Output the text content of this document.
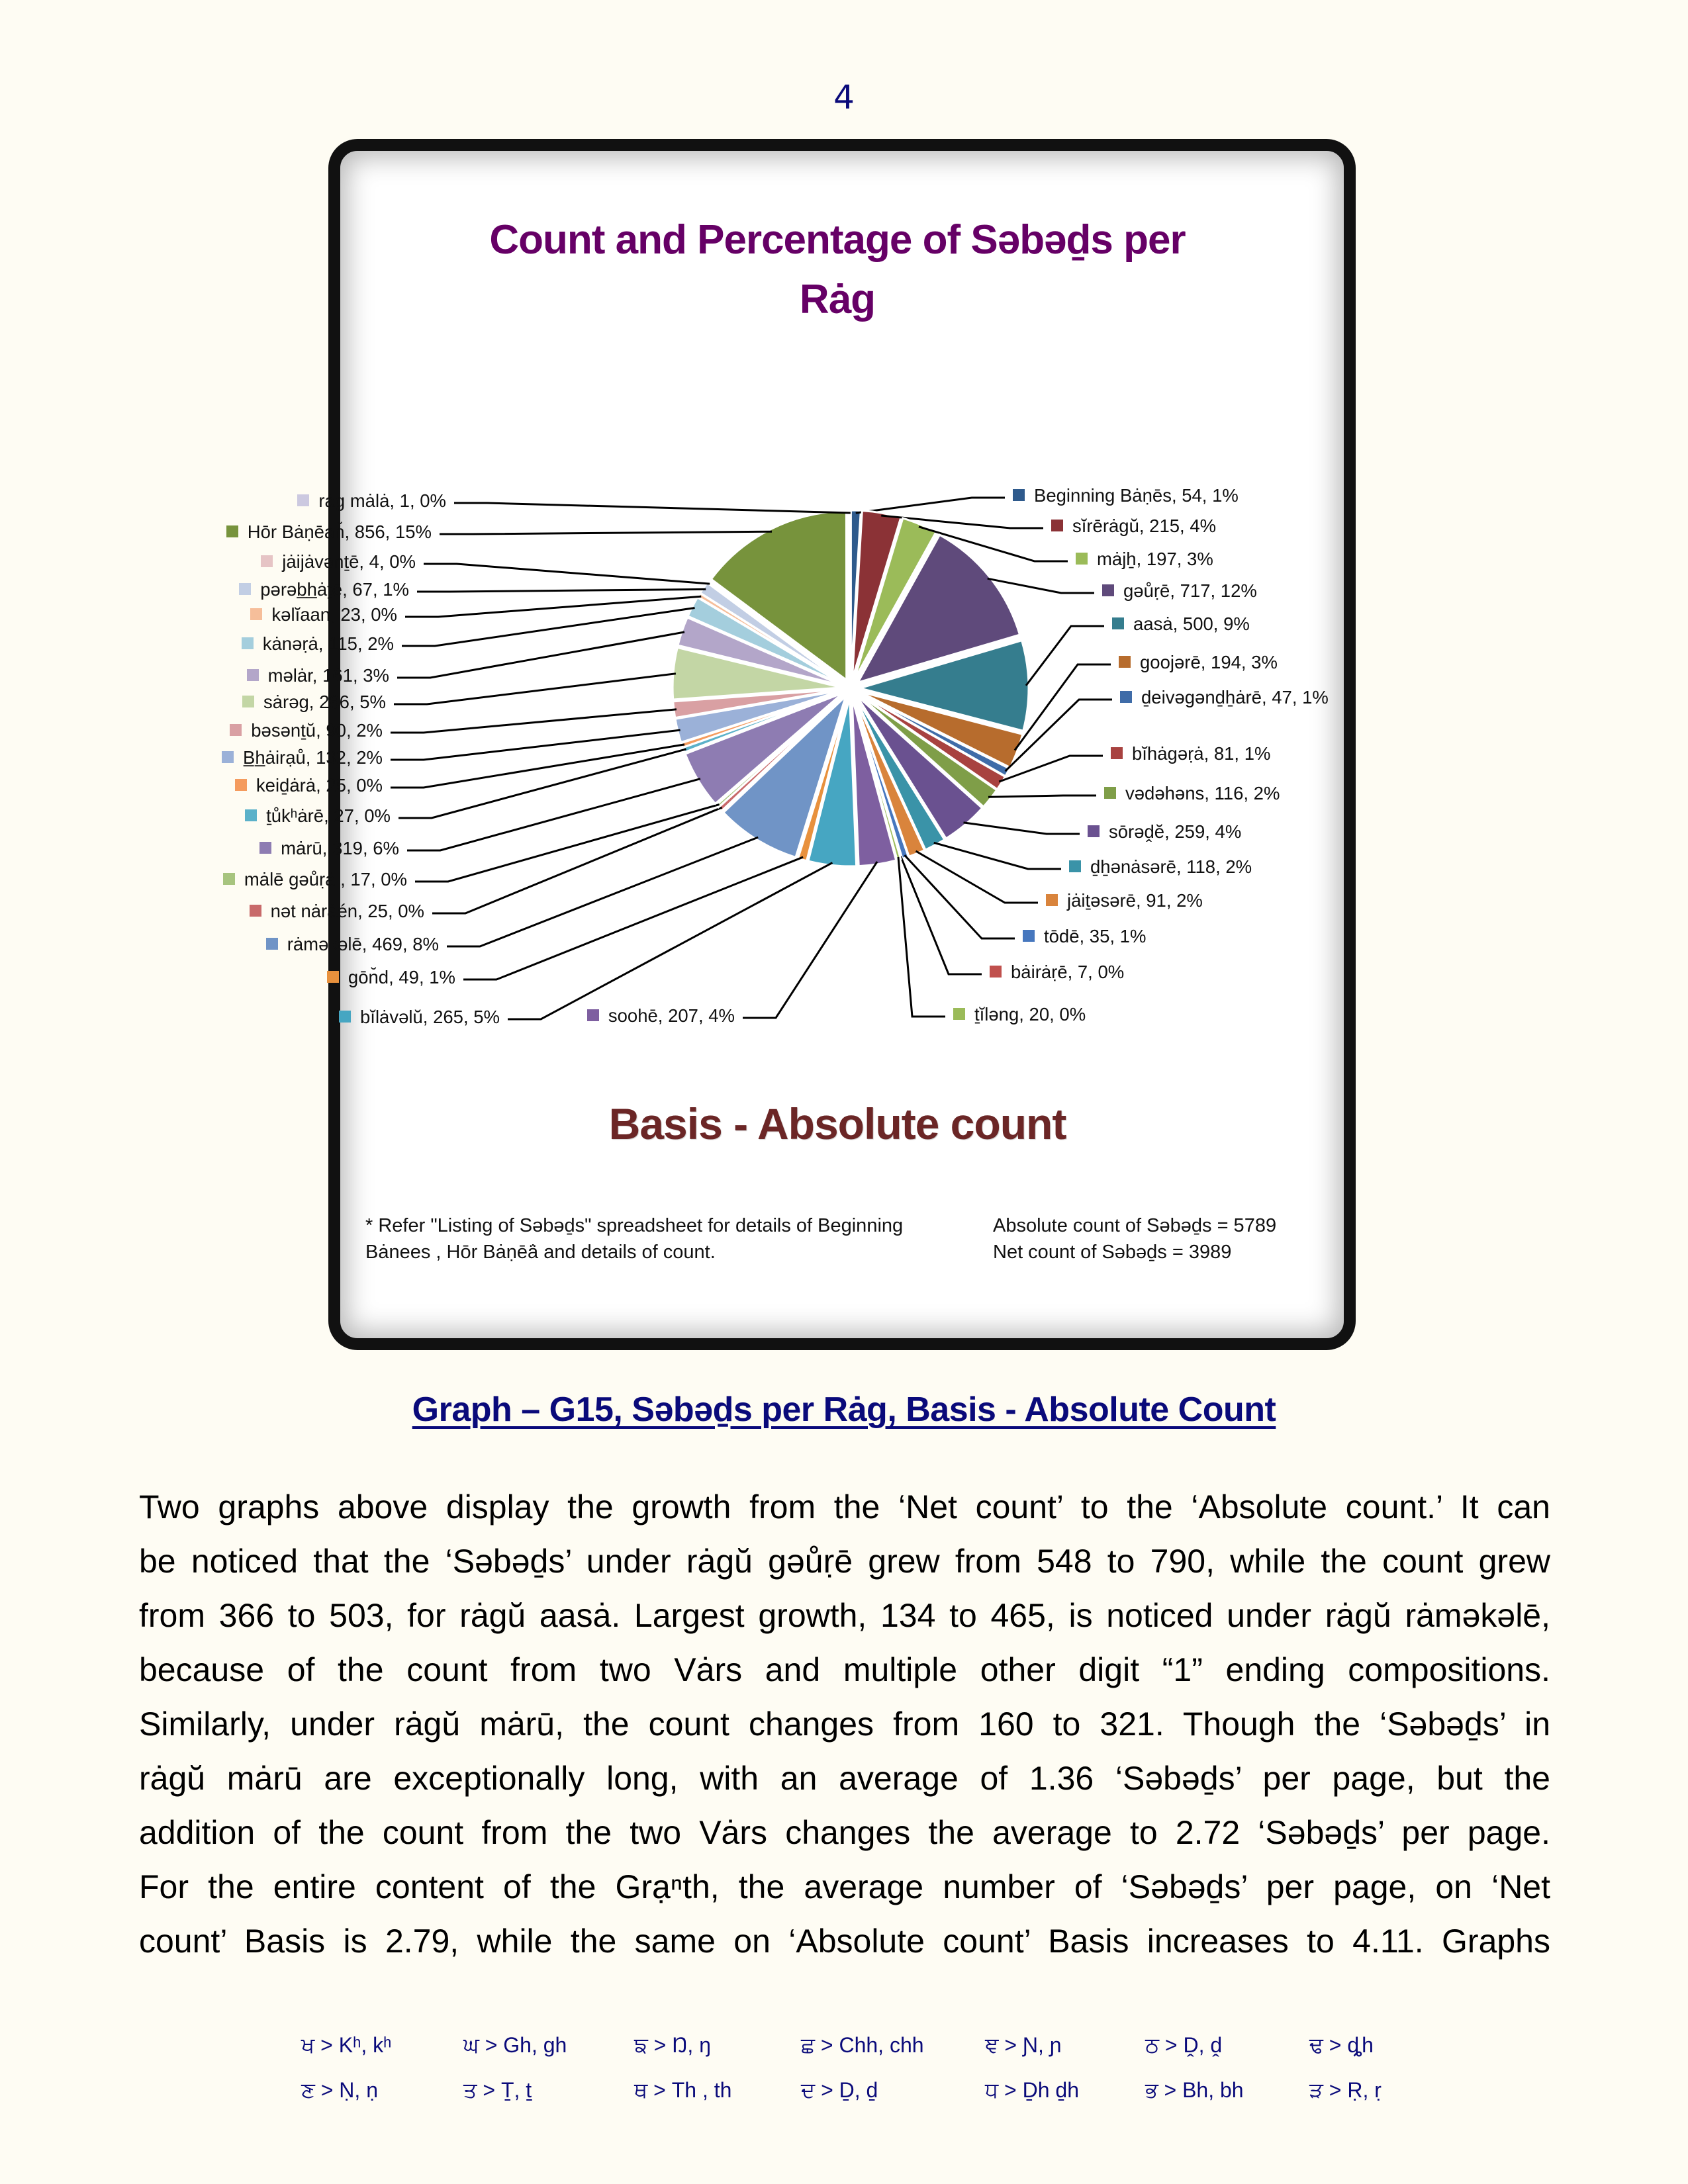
4
Count and Percentage of Səbəḏs per
Rȧg
Beginning Bȧṇēs, 54, 1%
sĭrērȧgŭ, 215, 4%
mȧjẖ, 197, 3%
gəůṛē, 717, 12%
aasȧ, 500, 9%
goojərē, 194, 3%
ḏeivəgənḏẖȧrē, 47, 1%
bĭhȧgəṛȧ, 81, 1%
vədəhəns, 116, 2%
sōrəḓĕ, 259, 4%
ḏẖənȧsərē, 118, 2%
jȧiṯəsərē, 91, 2%
tōdē, 35, 1%
bȧirȧṛē, 7, 0%
ṯĭləng, 20, 0%
soohē, 207, 4%
bĭlȧvəlŭ, 265, 5%
gōn̆d, 49, 1%
rȧməkəlē, 469, 8%
nət nȧrȧén, 25, 0%
mȧlē gəůṛȧ , 17, 0%
mȧrū, 319, 6%
ṯůkʰȧrē, 27, 0%
keiḏȧrȧ, 25, 0%
B̲h̲ȧirạů, 132, 2%
bəsənṯŭ, 90, 2%
sȧrəg, 286, 5%
məlȧr, 161, 3%
kȧnəṛȧ, 115, 2%
kəlĭaan, 23, 0%
pərəb̲h̲ȧṯē, 67, 1%
jȧijȧvənṯē, 4, 0%
Hōr Bȧṇēȧn̆, 856, 15%
rȧg mȧlȧ, 1, 0%
Basis - Absolute count
* Refer "Listing of Səbəḏs" spreadsheet for details of Beginning
Bȧnees , Hōr Bȧṇēȧ̈ and details of count.
Absolute count of Səbəḏs = 5789
Net count of Səbəḏs = 3989
Graph – G15, Səbəḏs per Rȧg, Basis - Absolute Count
Two graphs above display the growth from the ‘Net count’ to the ‘Absolute count.’ It can
be noticed that the ‘Səbəḏs’ under rȧgŭ gəůṛē grew from 548 to 790, while the count grew
from 366 to 503, for rȧgŭ aasȧ. Largest growth, 134 to 465, is noticed under rȧgŭ rȧməkəlē,
because of the count from two Vȧrs and multiple other digit “1” ending compositions.
Similarly, under rȧgŭ mȧrū, the count changes from 160 to 321. Though the ‘Səbəḏs’ in
rȧgŭ mȧrū are exceptionally long, with an average of 1.36 ‘Səbəḏs’ per page, but the
addition of the count from the two Vȧrs changes the average to 2.72 ‘Səbəḏs’ per page.
For the entire content of the Grạⁿth, the average number of ‘Səbəḏs’ per page, on ‘Net
count’ Basis is 2.79, while the same on ‘Absolute count’ Basis increases to 4.11. Graphs
ਖ > Kʰ, kʰ	ਘ > Gh, gh	ਙ > Ŋ, ŋ	ਛ > Chh, chh	ਞ > Ɲ, ɲ	ਠ > Ḓ, ḓ	ਢ > ȡh
ਣ > Ṇ, ṇ	ਤ > Ṯ, ṯ	ਥ > Th , th	ਦ > Ḏ, ḏ	ਧ > Ḏh ḏh	ਭ > Bh, bh	ੜ > Ṛ, ṛ
